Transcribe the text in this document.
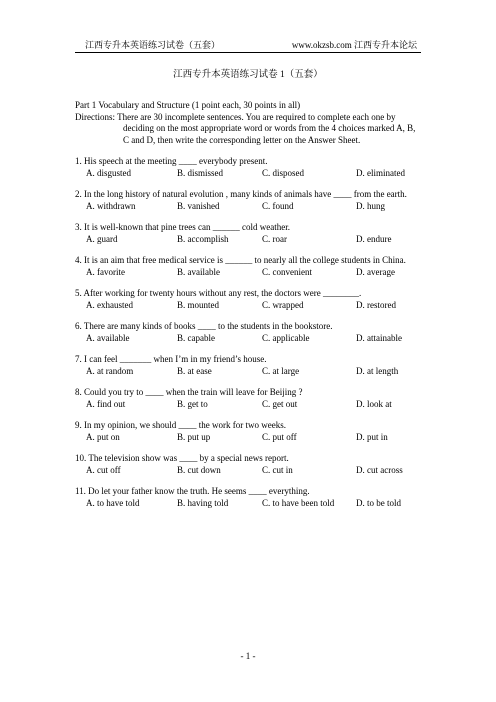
江西专升本英语练习试卷（五套）	www.okzsb.com 江西专升本论坛
江西专升本英语练习试卷 1（五套）

Part 1 Vocabulary and Structure (1 point each, 30 points in all)

Directions: There are 30 incomplete sentences. You are required to complete each one by deciding on the most appropriate word or words from the 4 choices marked A, B, C and D, then write the corresponding letter on the Answer Sheet.

1. His speech at the meeting ____ everybody present.

A. disgusted	B. dismissed	C. disposed	D. eliminated

2. In the long history of natural evolution , many kinds of animals have ____ from the earth.

A. withdrawn	B. vanished	C. found	D. hung

3. It is well-known that pine trees can ______ cold weather.

A. guard	B. accomplish	C. roar	D. endure

4. It is an aim that free medical service is ______ to nearly all the college students in China.

A. favorite	B. available	C. convenient	D. average

5. After working for twenty hours without any rest, the doctors were ________.

A. exhausted	B. mounted	C. wrapped	D. restored

6. There are many kinds of books ____ to the students in the bookstore.

A. available	B. capable	C. applicable	D. attainable

7. I can feel _______ when I’m in my friend’s house.

A. at random	B. at ease	C. at large	D. at length

8. Could you try to ____ when the train will leave for Beijing ?

A. find out	B. get to	C. get out	D. look at

9. In my opinion, we should ____ the work for two weeks.

A. put on	B. put up	C. put off	D. put in

10. The television show was ____ by a special news report.

A. cut off	B. cut down	C. cut in	D. cut across

11. Do let your father know the truth. He seems ____ everything.

A. to have told	B. having told	C. to have been told D. to be told
- 1 -
